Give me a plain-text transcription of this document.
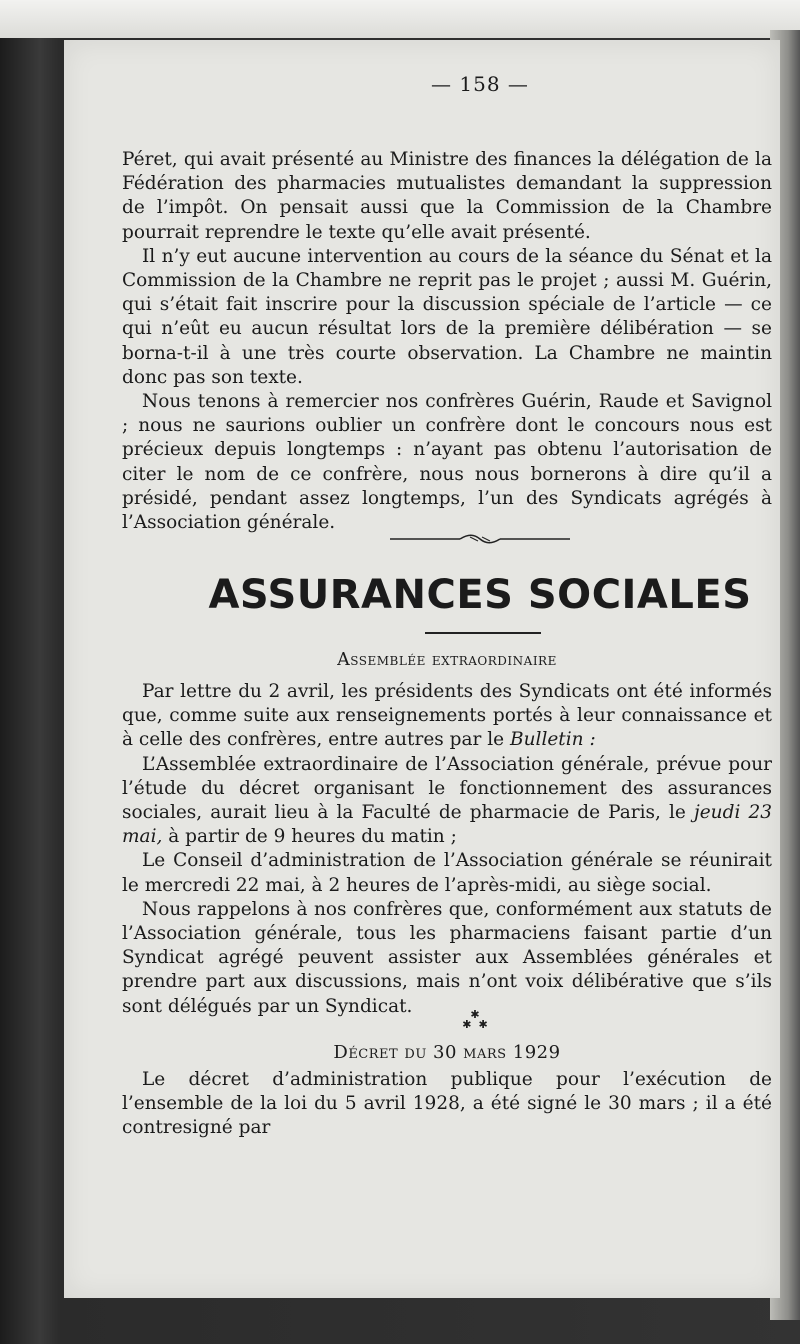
— 158 —

Péret, qui avait présenté au Ministre des finances la délégation de la Fédération des pharmacies mutualistes demandant la suppression de l’impôt. On pensait aussi que la Commission de la Chambre pourrait reprendre le texte qu’elle avait présenté.

Il n’y eut aucune intervention au cours de la séance du Sénat et la Commission de la Chambre ne reprit pas le projet ; aussi M. Guérin, qui s’était fait inscrire pour la discussion spéciale de l’article — ce qui n’eût eu aucun résultat lors de la première délibération — se borna-t-il à une très courte observation. La Chambre ne maintin donc pas son texte.

Nous tenons à remercier nos confrères Guérin, Raude et Savignol ; nous ne saurions oublier un confrère dont le concours nous est précieux depuis longtemps : n’ayant pas obtenu l’autorisation de citer le nom de ce confrère, nous nous bornerons à dire qu’il a présidé, pendant assez longtemps, l’un des Syndicats agrégés à l’Association générale.

ASSURANCES SOCIALES
Assemblée extraordinaire

Par lettre du 2 avril, les présidents des Syndicats ont été informés que, comme suite aux renseignements portés à leur connaissance et à celle des confrères, entre autres par le Bulletin :

L’Assemblée extraordinaire de l’Association générale, prévue pour l’étude du décret organisant le fonctionnement des assurances sociales, aurait lieu à la Faculté de pharmacie de Paris, le jeudi 23 mai, à partir de 9 heures du matin ;

Le Conseil d’administration de l’Association générale se réunirait le mercredi 22 mai, à 2 heures de l’après-midi, au siège social.

Nous rappelons à nos confrères que, conformément aux statuts de l’Association générale, tous les pharmaciens faisant partie d’un Syndicat agrégé peuvent assister aux Assemblées générales et prendre part aux discussions, mais n’ont voix délibérative que s’ils sont délégués par un Syndicat.	✱
✱  ✱
Décret du 30 mars 1929

Le décret d’administration publique pour l’exécution de l’ensemble de la loi du 5 avril 1928, a été signé le 30 mars ; il a été contresigné par
